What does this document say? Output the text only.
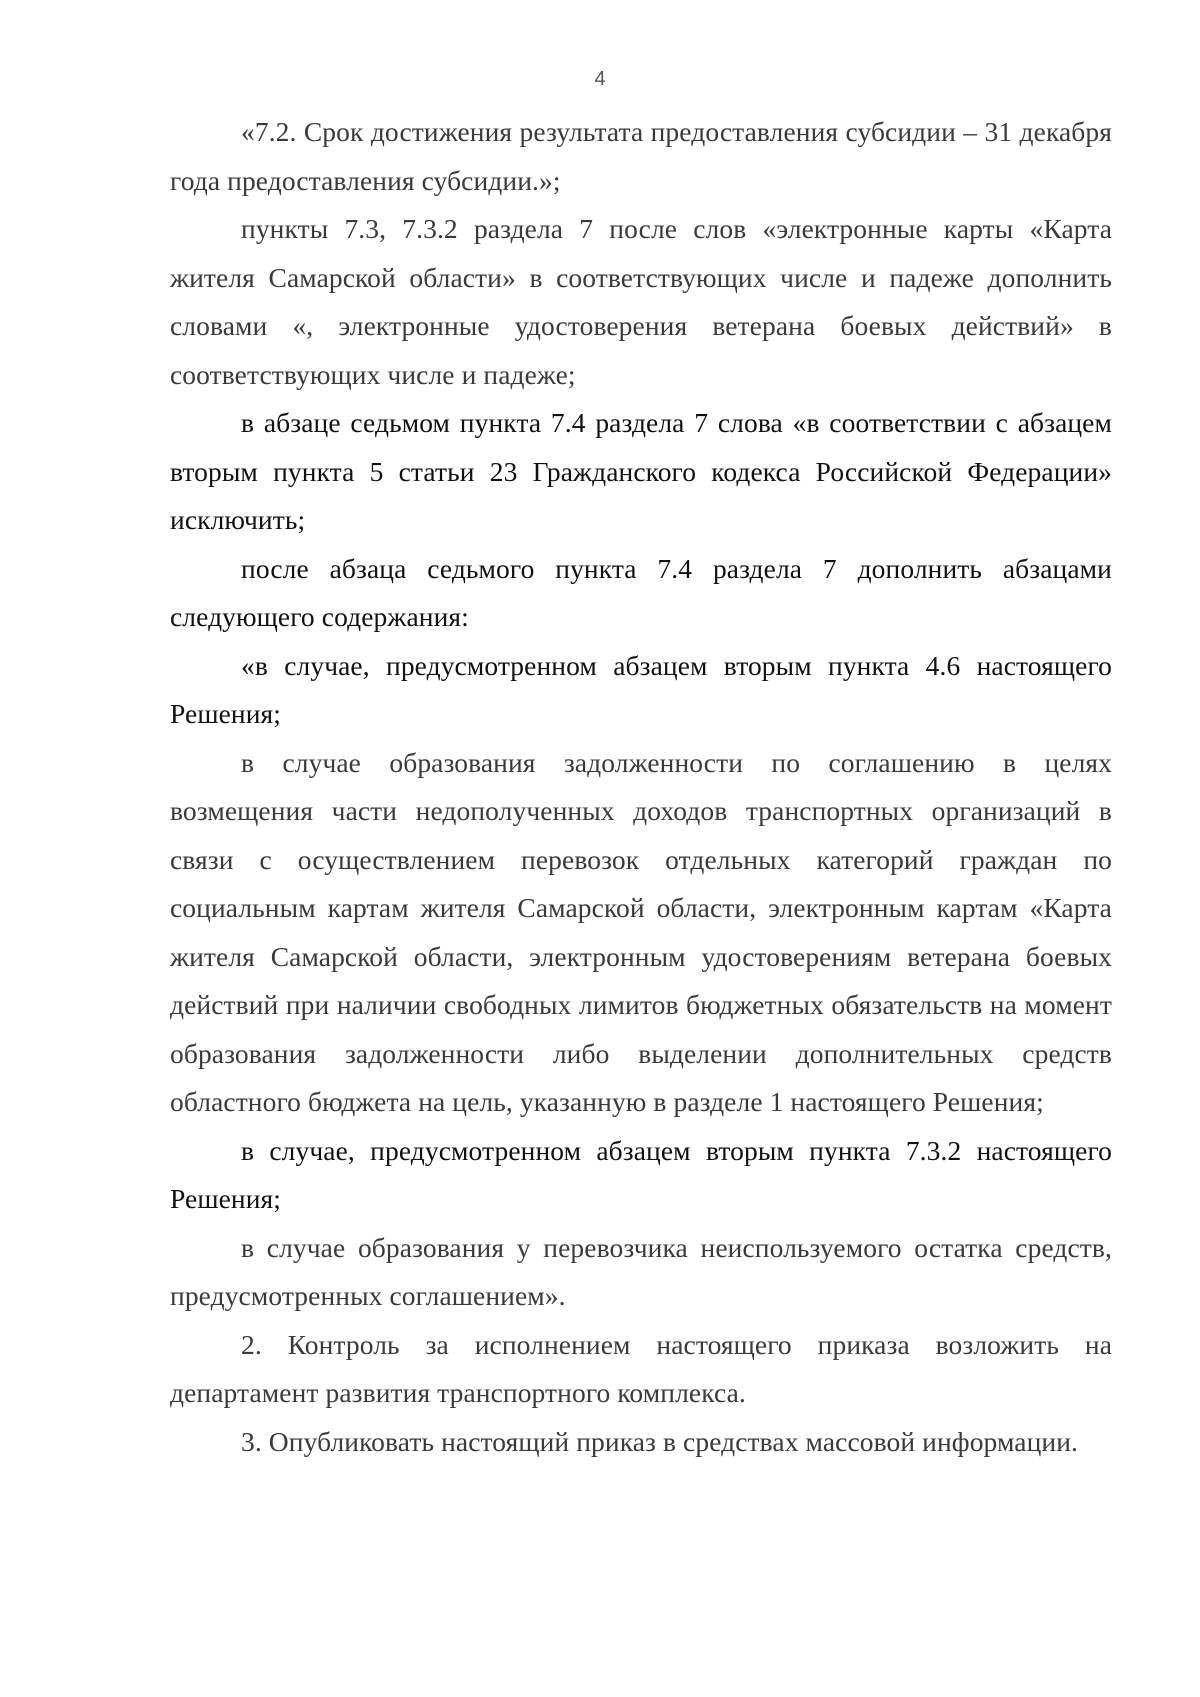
4

«7.2. Срок достижения результата предоставления субсидии – 31 декабря года предоставления субсидии.»;

пункты 7.3, 7.3.2 раздела 7 после слов «электронные карты «Карта жителя Самарской области» в соответствующих числе и падеже дополнить словами «, электронные удостоверения ветерана боевых действий» в соответствующих числе и падеже;

в абзаце седьмом пункта 7.4 раздела 7 слова «в соответствии с абзацем вторым пункта 5 статьи 23 Гражданского кодекса Российской Федерации» исключить;

после абзаца седьмого пункта 7.4 раздела 7 дополнить абзацами следующего содержания:

«в случае, предусмотренном абзацем вторым пункта 4.6 настоящего Решения;

в случае образования задолженности по соглашению в целях возмещения части недополученных доходов транспортных организаций в связи с осуществлением перевозок отдельных категорий граждан по социальным картам жителя Самарской области, электронным картам «Карта жителя Самарской области, электронным удостоверениям ветерана боевых действий при наличии свободных лимитов бюджетных обязательств на момент образования задолженности либо выделении дополнительных средств областного бюджета на цель, указанную в разделе 1 настоящего Решения;

в случае, предусмотренном абзацем вторым пункта 7.3.2 настоящего Решения;

в случае образования у перевозчика неиспользуемого остатка средств, предусмотренных соглашением».

2. Контроль за исполнением настоящего приказа возложить на департамент развития транспортного комплекса.

3. Опубликовать настоящий приказ в средствах массовой информации.
